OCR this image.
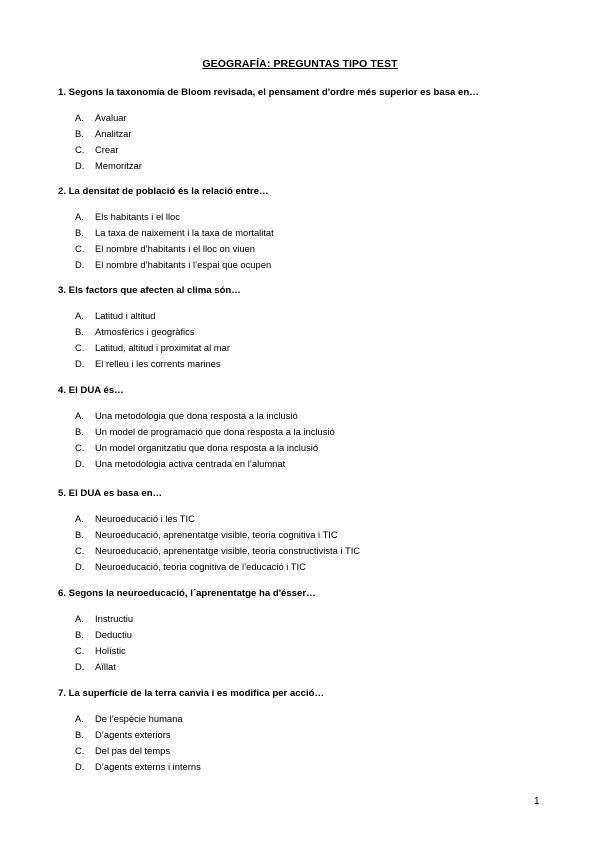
GEOGRAFÍA: PREGUNTAS TIPO TEST
1. Segons la taxonomía de Bloom revisada, el pensament d'ordre més superior es basa en…
A. Avaluar
B. Analitzar
C. Crear
D. Memoritzar
2. La densitat de població és la relació entre…
A. Els habitants i el lloc
B. La taxa de naixement i la taxa de mortalitat
C. El nombre d’habitants i el lloc on viuen
D. El nombre d’habitants i l’espai que ocupen
3. Els factors que afecten al clima són…
A. Latitud i altitud
B. Atmosfèrics i geogràfics
C. Latitud, altitud i proximitat al mar
D. El relleu i les corrents marines
4. El DUA és…
A. Una metodologia que dona resposta a la inclusió
B. Un model de programació que dona resposta a la inclusió
C. Un model organitzatiu que dona resposta a la inclusió
D. Una metodologia activa centrada en l’alumnat
5. El DUA es basa en…
A. Neuroeducació i les TIC
B. Neuroeducació, aprenentatge visible, teoria cognitiva i TIC
C. Neuroeducació, aprenentatge visible, teoria constructivista i TIC
D. Neuroeducació, teoria cognitiva de l’educació i TIC
6. Segons la neuroeducació, l´aprenentatge ha d'ésser…
A. Instructiu
B. Deductiu
C. Holístic
D. Aïllat
7. La superfície de la terra canvia i es modifica per acció…
A. De l’espècie humana
B. D’agents exteriors
C. Del pas del temps
D. D’agents externs i interns
1
